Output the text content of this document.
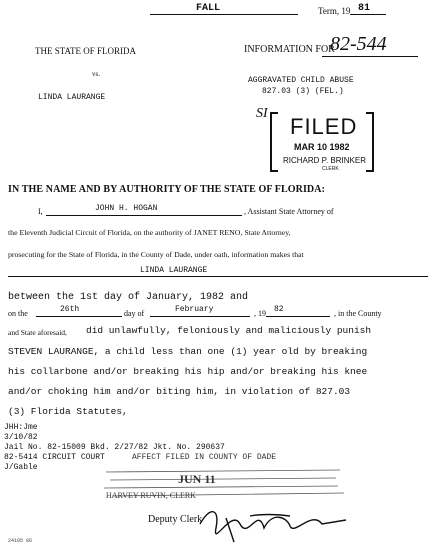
FALL	Term, 19 81
THE STATE OF FLORIDA
vs.
LINDA LAURANGE
INFORMATION FOR
82-544
AGGRAVATED CHILD ABUSE
827.03 (3) (FEL.)
SI
FILED
MAR 10 1982
RICHARD P. BRINKER
CLERK
IN THE NAME AND BY AUTHORITY OF THE STATE OF FLORIDA:
I,	JOHN H. HOGAN	, Assistant State Attorney of
the Eleventh Judicial Circuit of Florida, on the authority of JANET RENO, State Attorney,
prosecuting for the State of Florida, in the County of Dade, under oath, information makes that
LINDA LAURANGE
between the 1st day of January, 1982 and
on the	26th	day of	February	, 19 82	, in the County
and State aforesaid, did unlawfully, feloniously and maliciously punish
STEVEN LAURANGE, a child less than one (1) year old by breaking
his collarbone and/or breaking his hip and/or breaking his knee
and/or choking him and/or biting him, in violation of 827.03
(3) Florida Statutes,
JHH:Jme
3/10/82
Jail No. 82-15009 Bkd. 2/27/82 Jkt. No. 290637
82-5414 CIRCUIT COURT	AFFECT FILED IN COUNTY OF DADE
J/Gable
JUN 11
HARVEY RUVIN, CLERK
Deputy Clerk
24105 86
